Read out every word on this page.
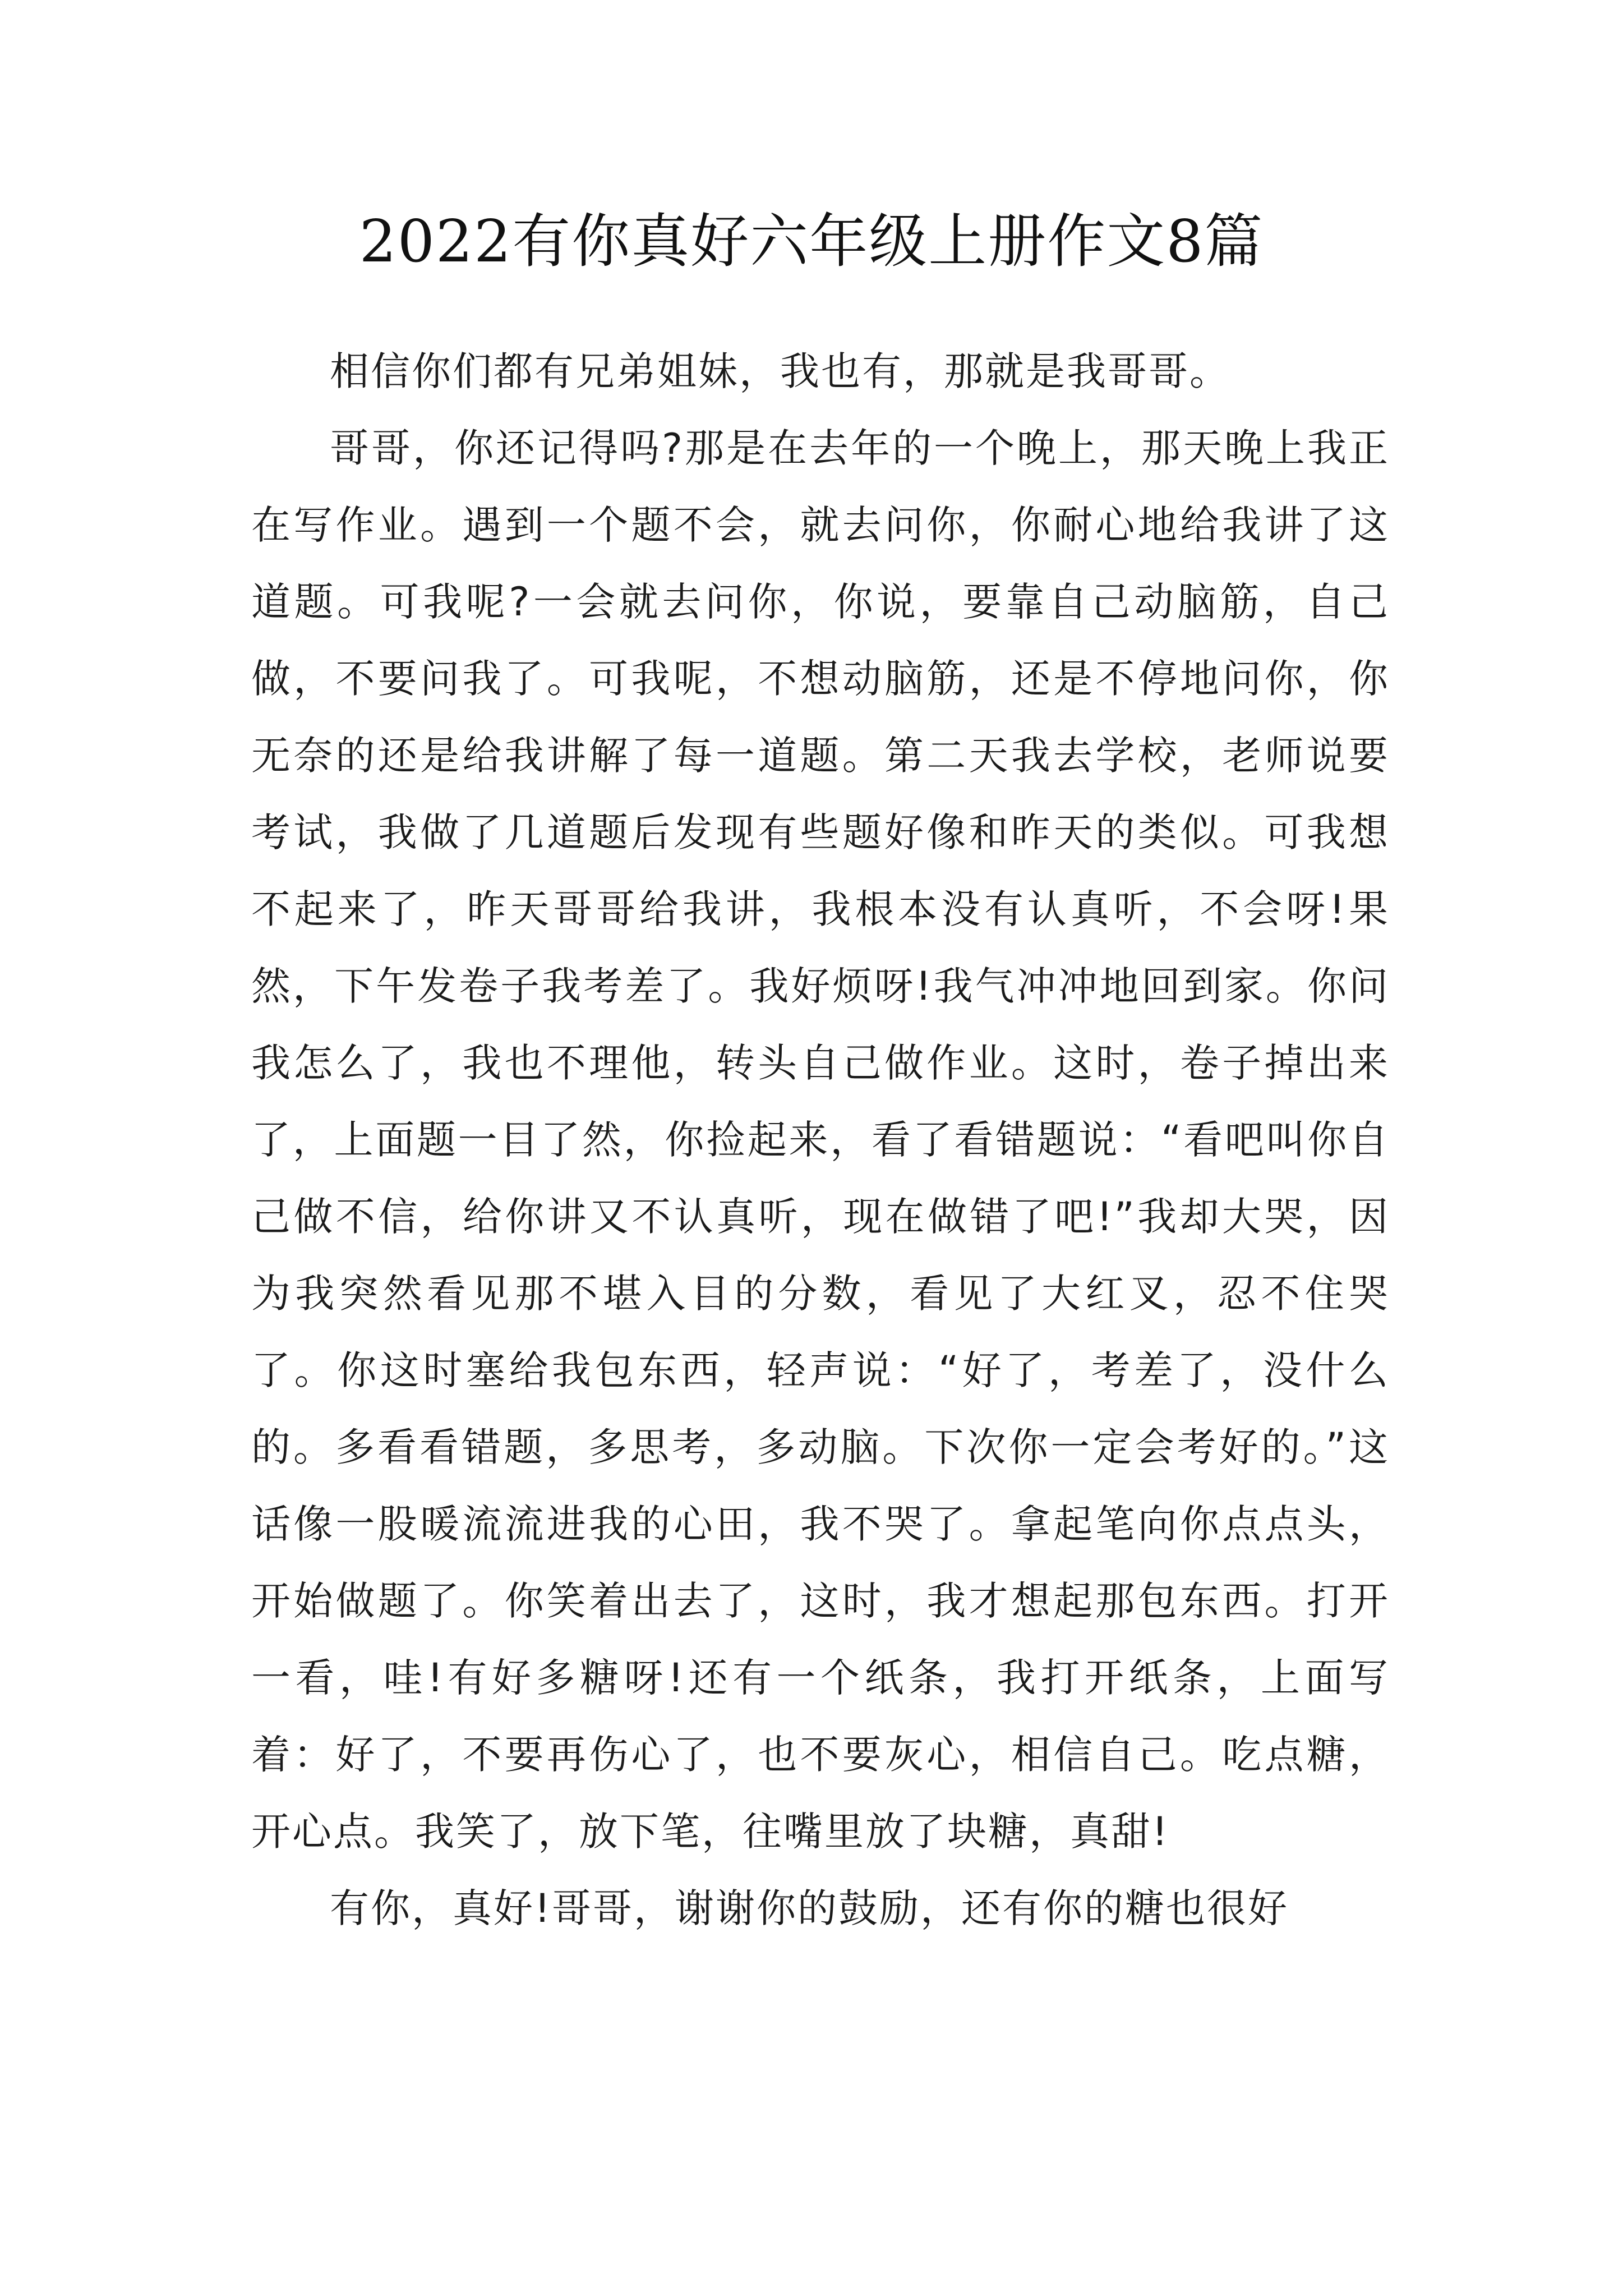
2022有你真好六年级上册作文8篇

相信你们都有兄弟姐妹，我也有，那就是我哥哥。

哥哥，你还记得吗?那是在去年的一个晚上，那天晚上我正在写作业。遇到一个题不会，就去问你，你耐心地给我讲了这道题。可我呢?一会就去问你，你说，要靠自己动脑筋，自己做，不要问我了。可我呢，不想动脑筋，还是不停地问你，你无奈的还是给我讲解了每一道题。第二天我去学校，老师说要考试，我做了几道题后发现有些题好像和昨天的类似。可我想不起来了，昨天哥哥给我讲，我根本没有认真听，不会呀!果然，下午发卷子我考差了。我好烦呀!我气冲冲地回到家。你问我怎么了，我也不理他，转头自己做作业。这时，卷子掉出来了，上面题一目了然，你捡起来，看了看错题说：“看吧叫你自己做不信，给你讲又不认真听，现在做错了吧!”我却大哭，因为我突然看见那不堪入目的分数，看见了大红叉，忍不住哭了。你这时塞给我包东西，轻声说：“好了，考差了，没什么的。多看看错题，多思考，多动脑。下次你一定会考好的。”这话像一股暖流流进我的心田，我不哭了。拿起笔向你点点头，开始做题了。你笑着出去了，这时，我才想起那包东西。打开一看，哇!有好多糖呀!还有一个纸条，我打开纸条，上面写着：好了，不要再伤心了，也不要灰心，相信自己。吃点糖，开心点。我笑了，放下笔，往嘴里放了块糖，真甜!

有你，真好!哥哥，谢谢你的鼓励，还有你的糖也很好
